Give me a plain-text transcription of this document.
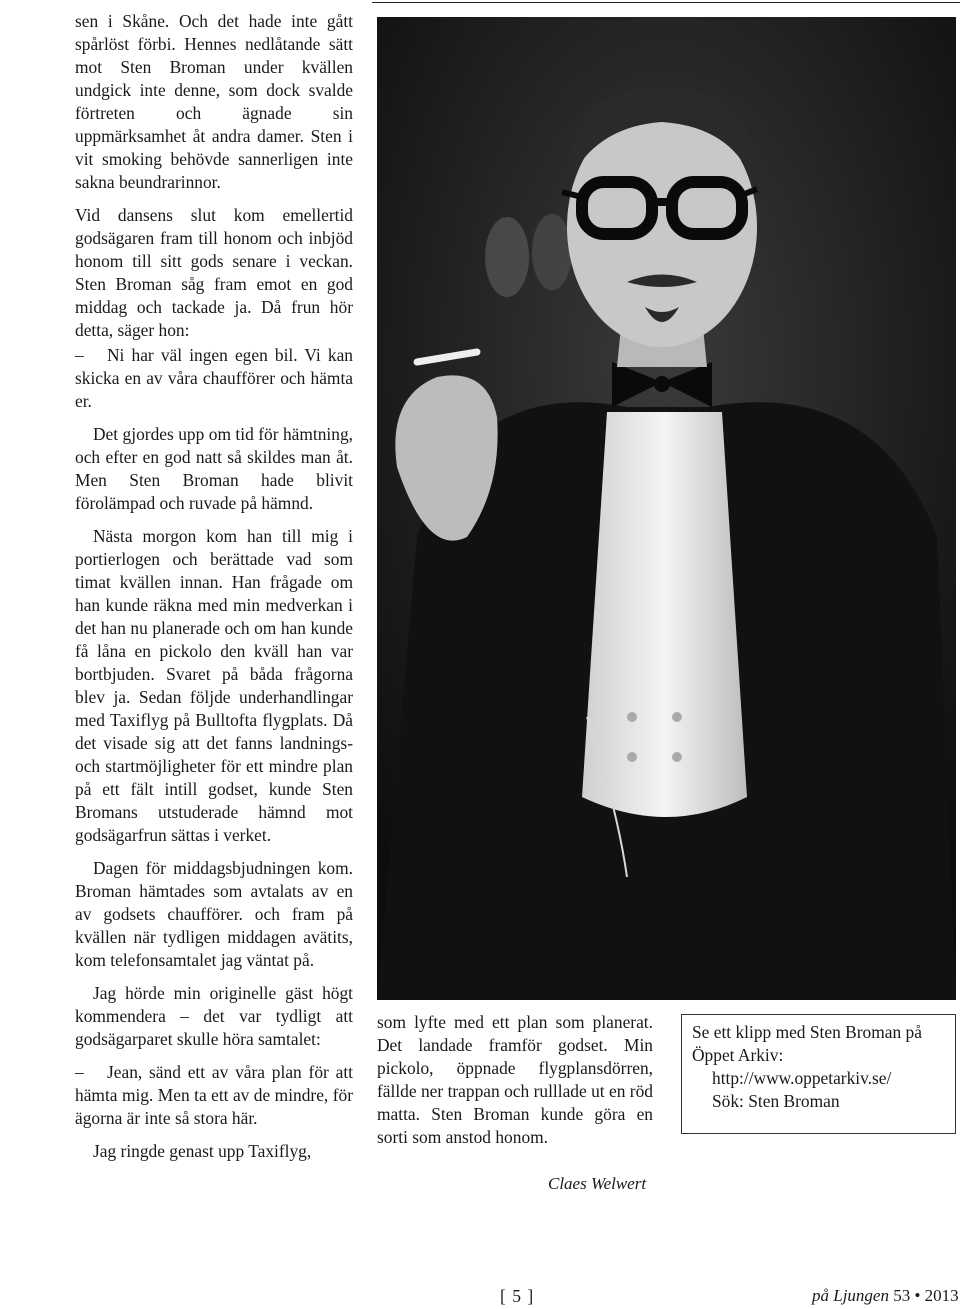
sen i Skåne. Och det hade inte gått spårlöst förbi. Hennes nedlåtande sätt mot Sten Broman under kvällen undgick inte denne, som dock svalde förtreten och ägnade sin uppmärksamhet åt andra damer. Sten i vit smoking behövde sannerligen inte sakna beundrarinnor.

Vid dansens slut kom emellertid godsägaren fram till honom och inbjöd honom till sitt gods senare i veckan. Sten Broman såg fram emot en god middag och tackade ja. Då frun hör detta, säger hon:

– Ni har väl ingen egen bil. Vi kan skicka en av våra chaufförer och hämta er.

Det gjordes upp om tid för hämtning, och efter en god natt så skildes man åt. Men Sten Broman hade blivit förolämpad och ruvade på hämnd.

Nästa morgon kom han till mig i portierlogen och berättade vad som timat kvällen innan. Han frågade om han kunde räkna med min medverkan i det han nu planerade och om han kunde få låna en pickolo den kväll han var bortbjuden. Svaret på båda frågorna blev ja. Sedan följde underhandlingar med Taxiflyg på Bulltofta flygplats. Då det visade sig att det fanns landnings- och startmöjligheter för ett mindre plan på ett fält intill godset, kunde Sten Bromans utstuderade hämnd mot godsägarfrun sättas i verket.

Dagen för middagsbjudningen kom. Broman hämtades som avtalats av en av godsets chaufförer. och fram på kvällen när tydligen middagen avätits, kom telefonsamtalet jag väntat på.

Jag hörde min originelle gäst högt kommendera – det var tydligt att godsägarparet skulle höra samtalet:

– Jean, sänd ett av våra plan för att hämta mig. Men ta ett av de mindre, för ägorna är inte så stora här.

Jag ringde genast upp Taxiflyg,

som lyfte med ett plan som planerat. Det landade framför godset. Min pickolo, öppnade flygplansdörren, fällde ner trappan och rulllade ut en röd matta. Sten Broman kunde göra en sorti som anstod honom.

Claes Welwert
Se ett klipp med Sten Broman på Öppet Arkiv:
http://www.oppetarkiv.se/
Sök: Sten Broman
[ 5 ]	på Ljungen 53 • 2013
